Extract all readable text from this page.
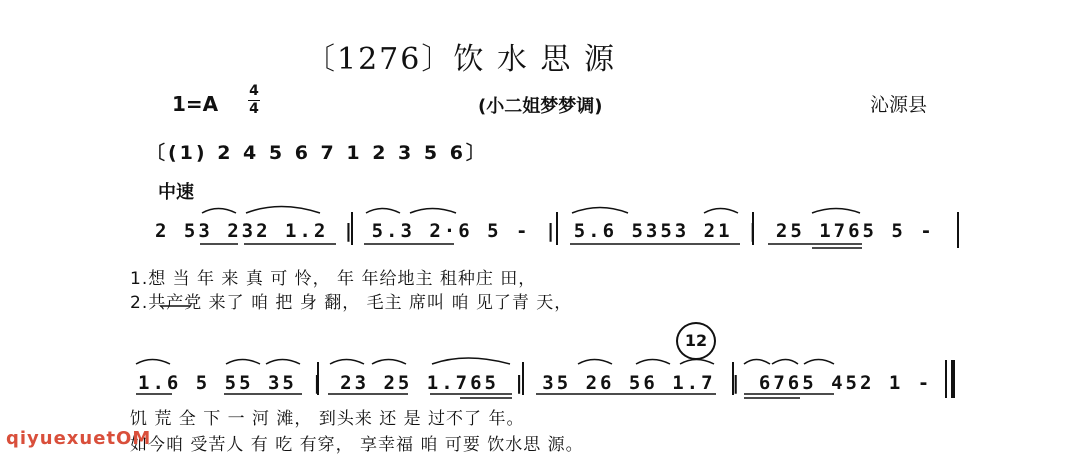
〔1276〕饮 水 思 源
1=A
4
4	(小二姐梦梦调)	沁源县
〔(1) 2 4 5 6 7 1 2 3 5 6〕
中速
2 53 232 1.2 | 5.3 2·6 5 - | 5.6 5353 21 | 25 1765 5 -
1.想 当 年 来 真 可 怜， 年 年给地主 租种庄 田，
2.共产党 来了 咱 把 身 翻， 毛主 席叫 咱 见了青 天，
12
1.6 5 55 35 | 23 25 1.765 | 35 26 56 1.7 | 6765 452 1 -
饥 荒 全 下 一 河 滩， 到头来 还 是 过不了 年。
如今咱 受苦人 有 吃 有穿， 享幸福 咱 可要 饮水思 源。
qiyuexuetOM
